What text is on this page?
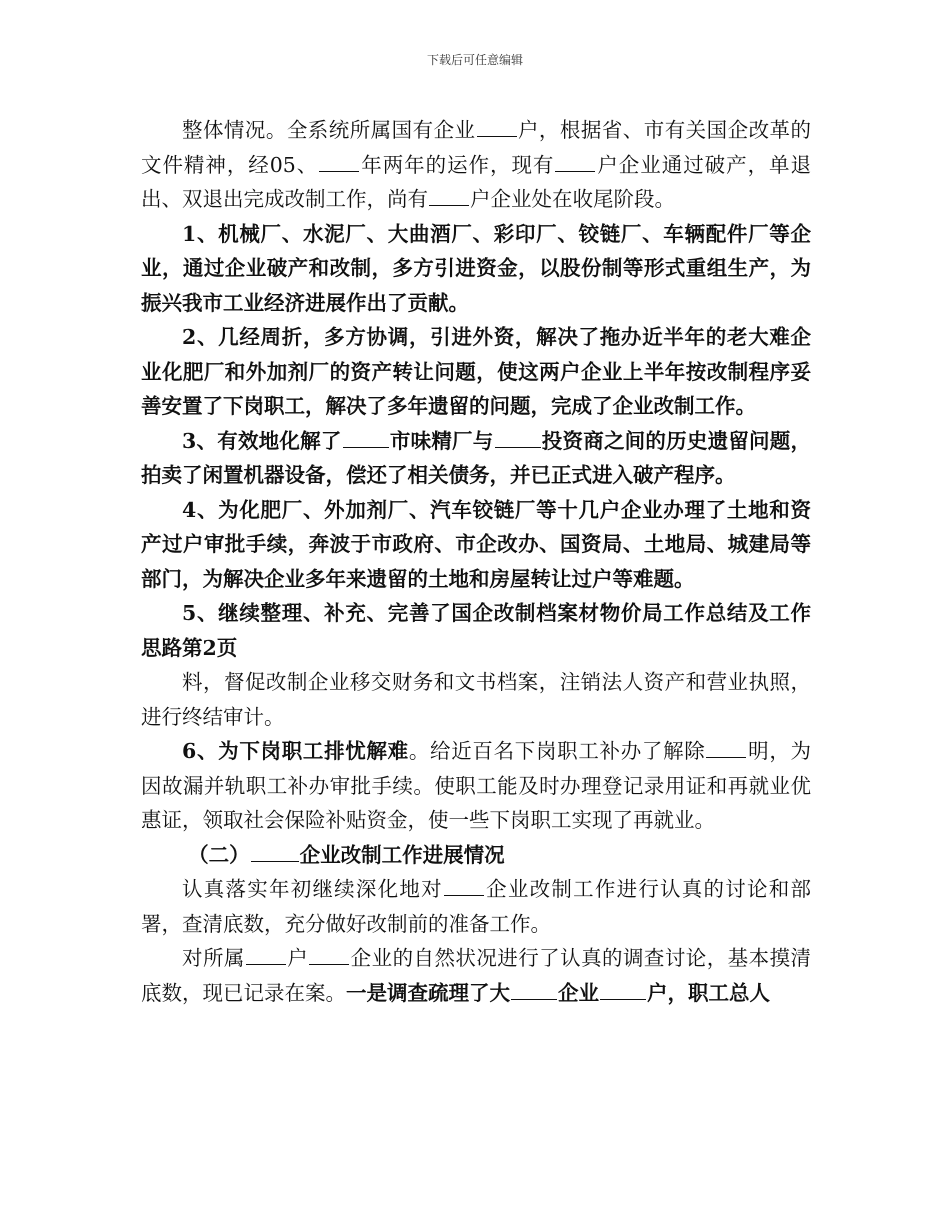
下载后可任意编辑

整体情况。全系统所属国有企业 户，根据省、市有关国企改革的文件精神，经05、 年两年的运作，现有 户企业通过破产，单退出、双退出完成改制工作，尚有 户企业处在收尾阶段。

1、机械厂、水泥厂、大曲酒厂、彩印厂、铰链厂、车辆配件厂等企业，通过企业破产和改制，多方引进资金，以股份制等形式重组生产，为振兴我市工业经济进展作出了贡献。

2、几经周折，多方协调，引进外资，解决了拖办近半年的老大难企业化肥厂和外加剂厂的资产转让问题，使这两户企业上半年按改制程序妥善安置了下岗职工，解决了多年遗留的问题，完成了企业改制工作。

3、有效地化解了 市味精厂与 投资商之间的历史遗留问题，拍卖了闲置机器设备，偿还了相关债务，并已正式进入破产程序。

4、为化肥厂、外加剂厂、汽车铰链厂等十几户企业办理了土地和资产过户审批手续，奔波于市政府、市企改办、国资局、土地局、城建局等部门，为解决企业多年来遗留的土地和房屋转让过户等难题。

5、继续整理、补充、完善了国企改制档案材物价局工作总结及工作思路第2页

料，督促改制企业移交财务和文书档案，注销法人资产和营业执照，进行终结审计。

6、为下岗职工排忧解难。给近百名下岗职工补办了解除 明，为因故漏并轨职工补办审批手续。使职工能及时办理登记录用证和再就业优惠证，领取社会保险补贴资金，使一些下岗职工实现了再就业。

（二） 企业改制工作进展情况

认真落实年初继续深化地对 企业改制工作进行认真的讨论和部署，查清底数，充分做好改制前的准备工作。

对所属 户 企业的自然状况进行了认真的调查讨论，基本摸清底数，现已记录在案。一是调查疏理了大 企业 户，职工总人
